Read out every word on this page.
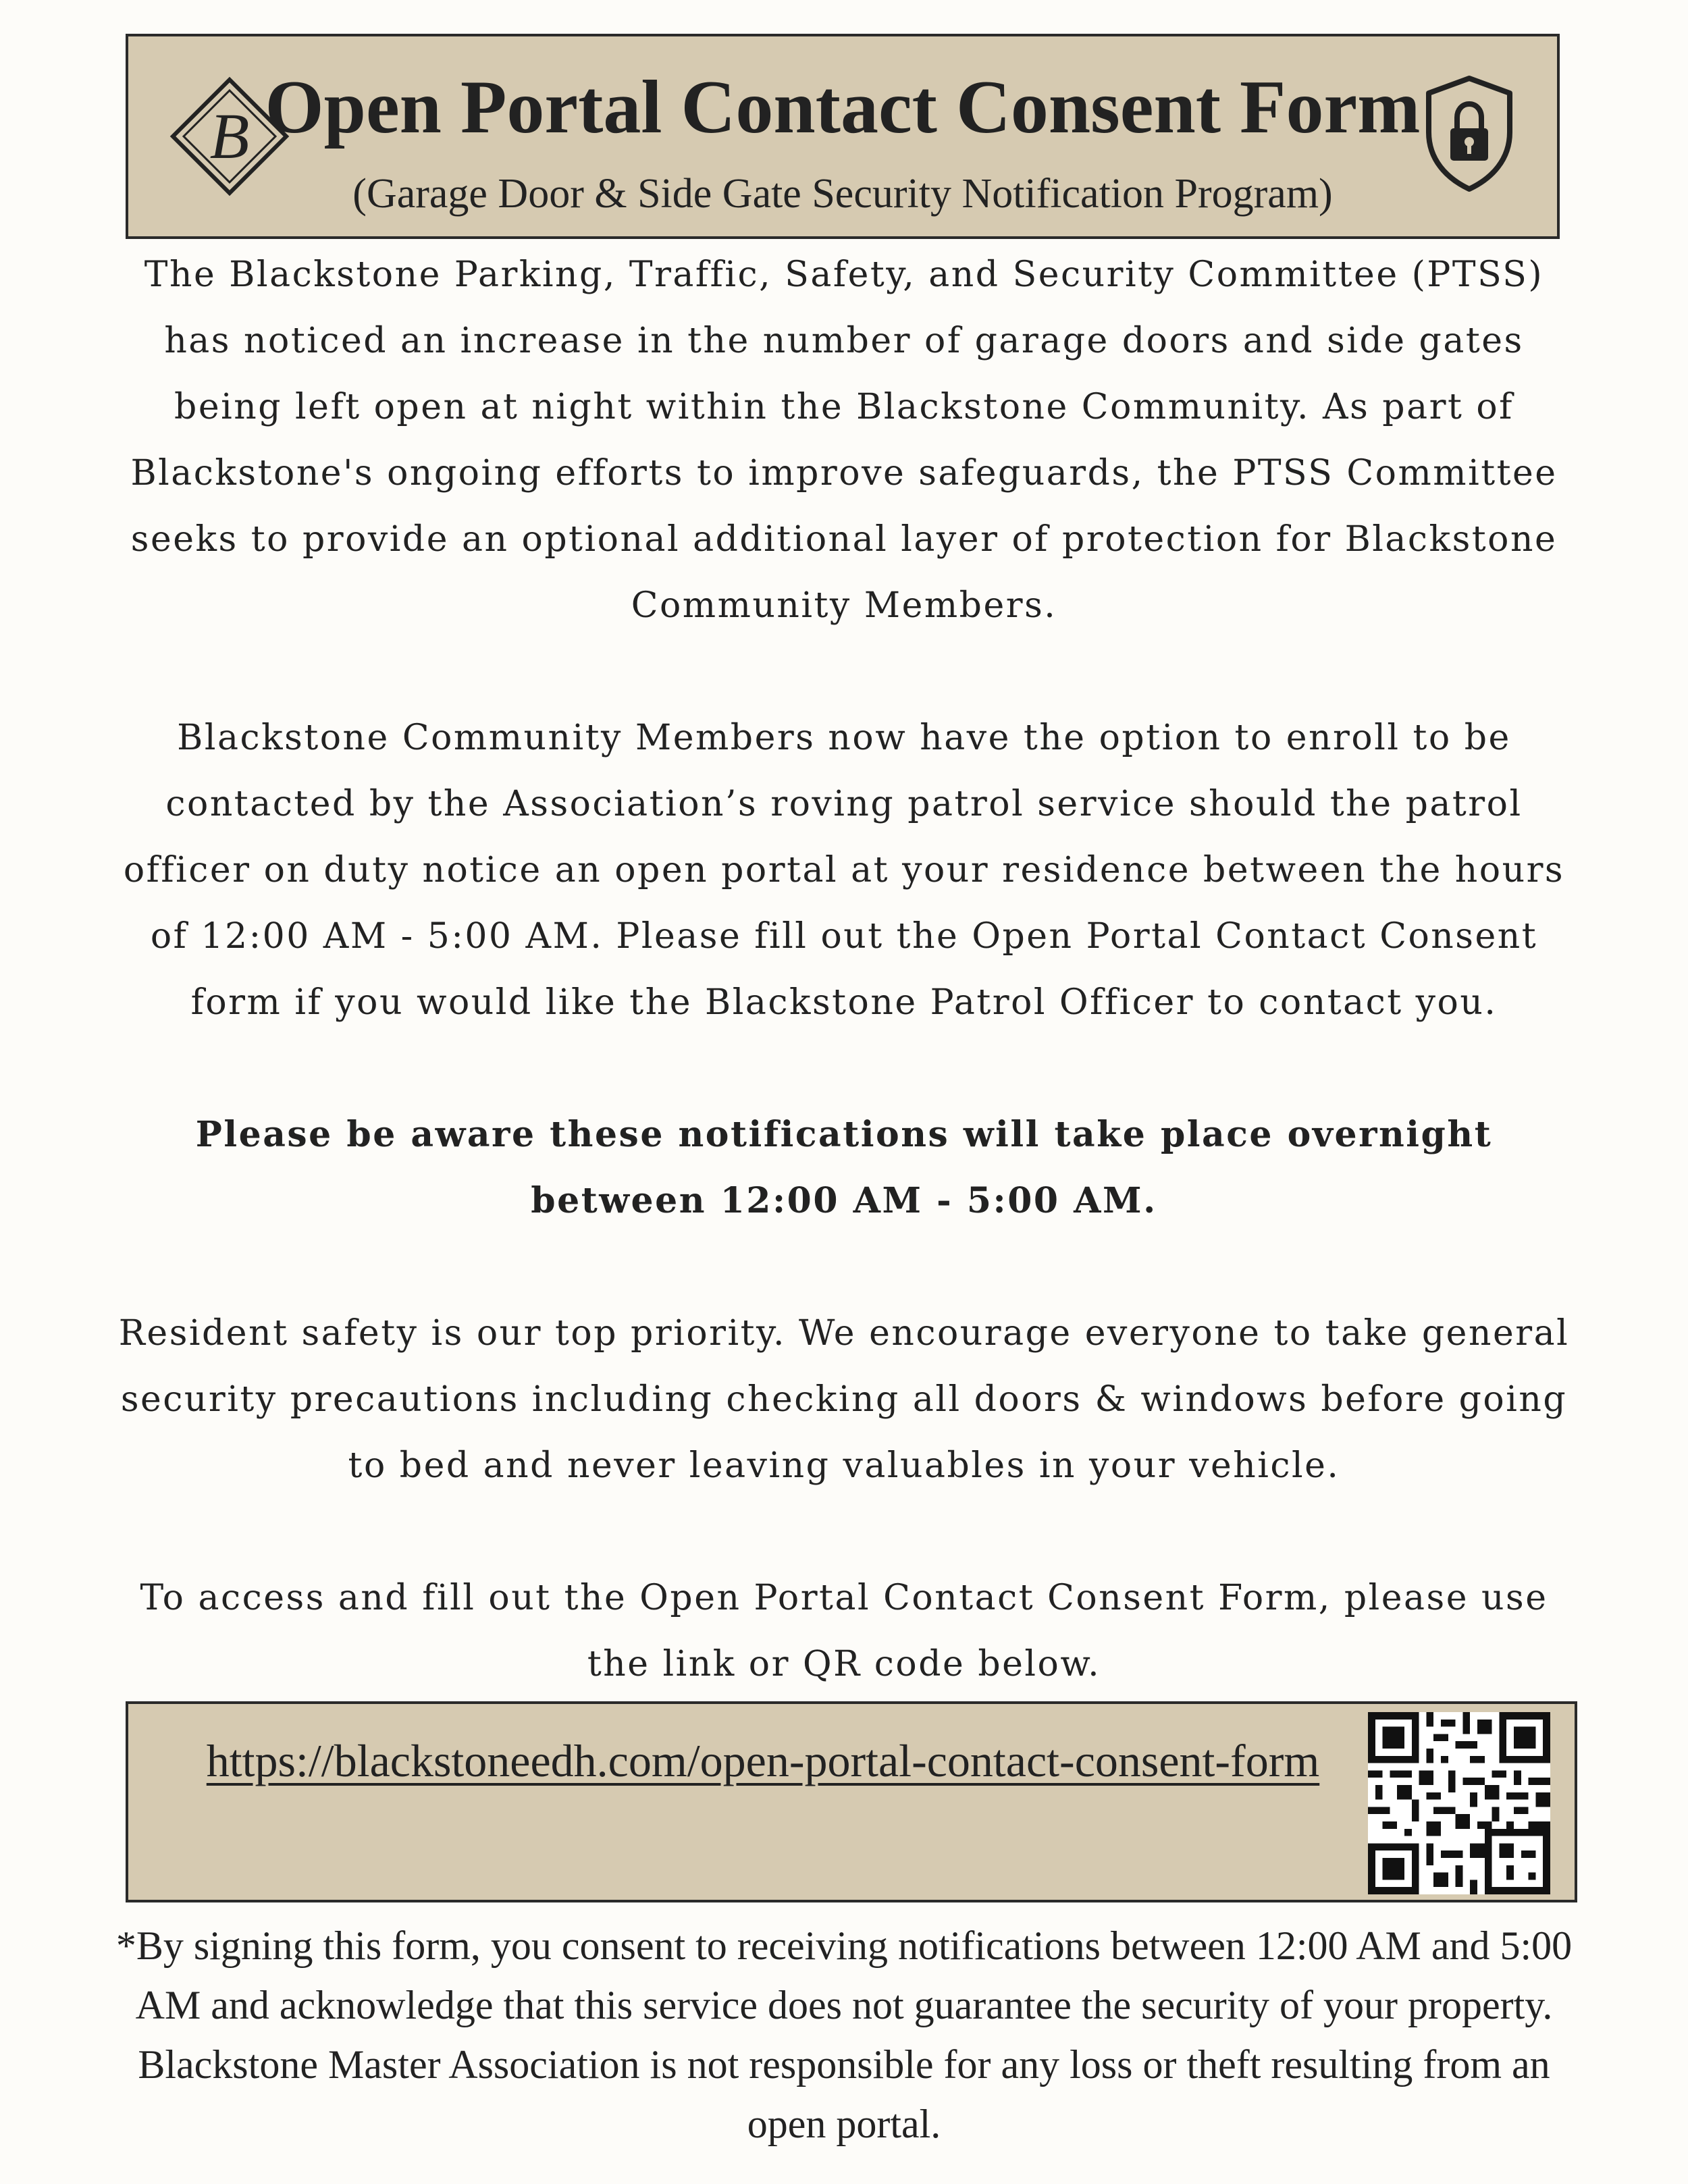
B Open Portal Contact Consent Form

(Garage Door & Side Gate Security Notification Program)

The Blackstone Parking, Traffic, Safety, and Security Committee (PTSS) has noticed an increase in the number of garage doors and side gates being left open at night within the Blackstone Community. As part of Blackstone's ongoing efforts to improve safeguards, the PTSS Committee seeks to provide an optional additional layer of protection for Blackstone Community Members.

Blackstone Community Members now have the option to enroll to be contacted by the Association’s roving patrol service should the patrol officer on duty notice an open portal at your residence between the hours of 12:00 AM - 5:00 AM. Please fill out the Open Portal Contact Consent form if you would like the Blackstone Patrol Officer to contact you.

Please be aware these notifications will take place overnight between 12:00 AM - 5:00 AM.

Resident safety is our top priority. We encourage everyone to take general security precautions including checking all doors & windows before going to bed and never leaving valuables in your vehicle.

To access and fill out the Open Portal Contact Consent Form, please use the link or QR code below.

https://blackstoneedh.com/open-portal-contact-consent-form

*By signing this form, you consent to receiving notifications between 12:00 AM and 5:00 AM and acknowledge that this service does not guarantee the security of your property. Blackstone Master Association is not responsible for any loss or theft resulting from an open portal.
